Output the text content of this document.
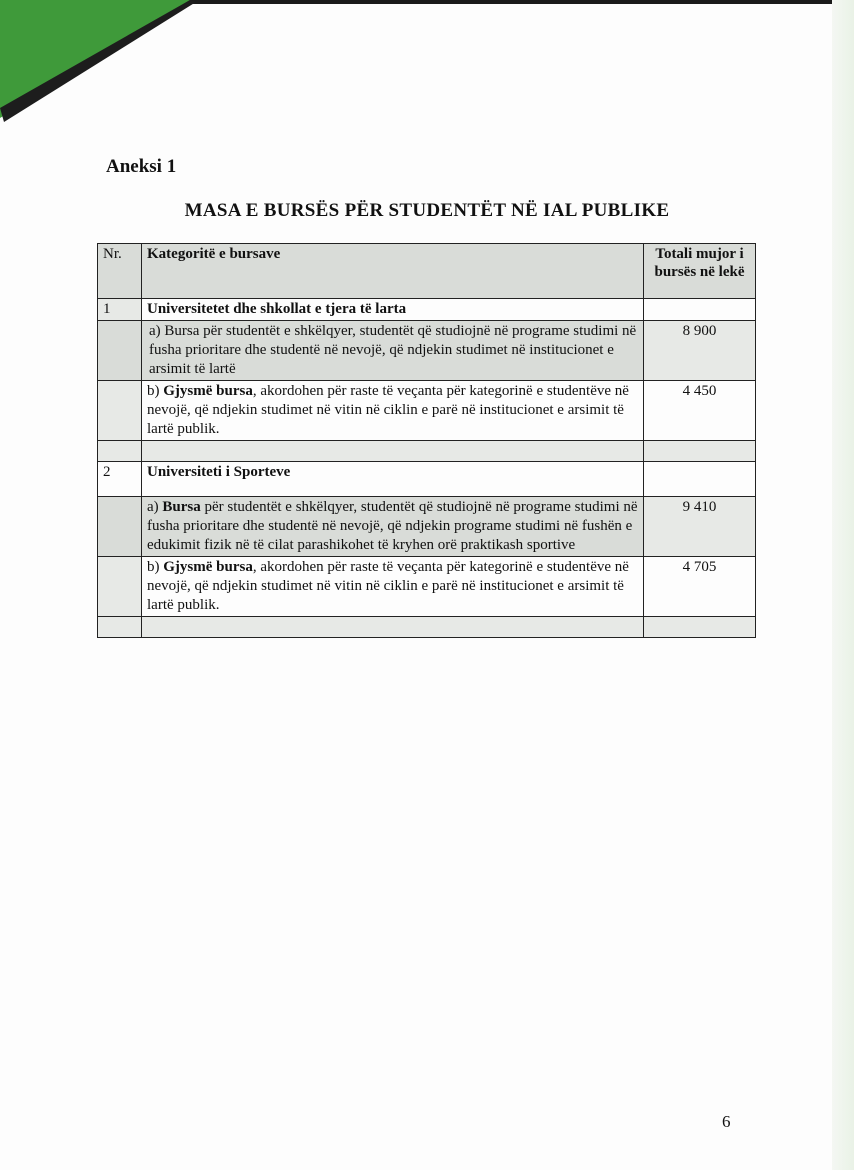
Aneksi 1
MASA E BURSËS PËR STUDENTËT NË IAL PUBLIKE
Nr.	Kategoritë e bursave	Totali mujor i bursës në lekë
1	Universitetet dhe shkollat e tjera të larta	
	a) Bursa për studentët e shkëlqyer, studentët që studiojnë në programe studimi në fusha prioritare dhe studentë në nevojë, që ndjekin studimet në institucionet e arsimit të lartë	8 900
	b) Gjysmë bursa, akordohen për raste të veçanta për kategorinë e studentëve në nevojë, që ndjekin studimet në vitin në ciklin e parë në institucionet e arsimit të lartë publik.	4 450

2	Universiteti i Sporteve	
	a) Bursa për studentët e shkëlqyer, studentët që studiojnë në programe studimi në fusha prioritare dhe studentë në nevojë, që ndjekin programe studimi në fushën e edukimit fizik në të cilat parashikohet të kryhen orë praktikash sportive	9 410
	b) Gjysmë bursa, akordohen për raste të veçanta për kategorinë e studentëve në nevojë, që ndjekin studimet në vitin në ciklin e parë në institucionet e arsimit të lartë publik.	4 705

6
